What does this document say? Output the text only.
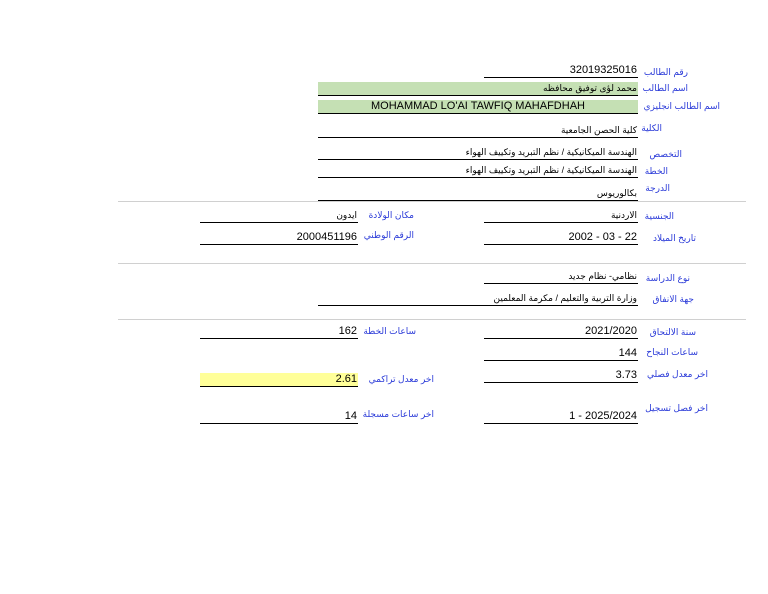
رقم الطالب
32019325016
اسم الطالب
محمد لؤى توفيق محافظه
اسم الطالب انجليزي
MOHAMMAD LO'AI TAWFIQ MAHAFDHAH
الكلية
كلية الحصن الجامعية
التخصص
الهندسة الميكانيكية / نظم التبريد وتكييف الهواء
الخطة
الهندسة الميكانيكية / نظم التبريد وتكييف الهواء
الدرجة
بكالوريوس
الجنسية
الاردنية
مكان الولادة
ايدون
تاريخ الميلاد
22 - 03 - 2002
الرقم الوطني
2000451196
نوع الدراسة
نظامي- نظام جديد
جهة الانفاق
وزارة التربية والتعليم / مكرمة المعلمين
سنة الالتحاق
2021/2020
ساعات الخطة
162
ساعات النجاح
144
اخر معدل فصلي
3.73
اخر معدل تراكمي
2.61
اخر فصل تسجيل
2025/2024 - 1
اخر ساعات مسجلة
14
